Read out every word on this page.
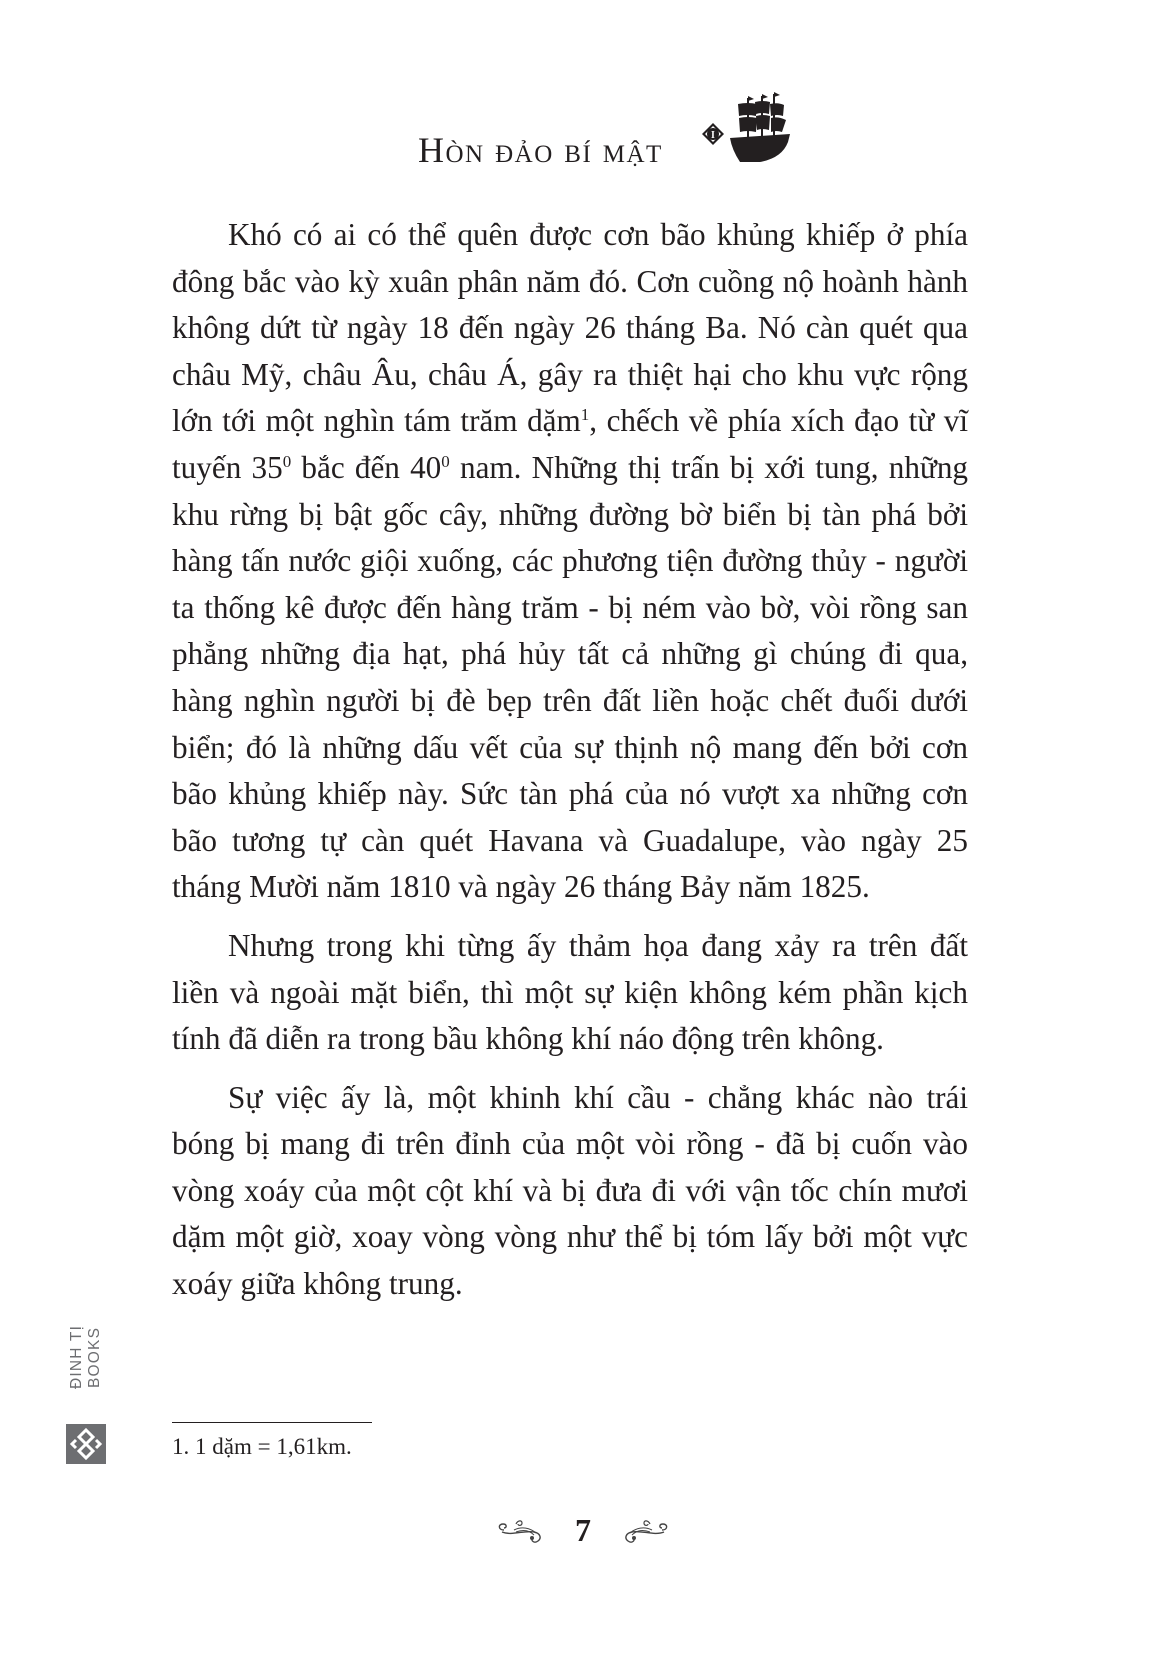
Hòn đảo bí mật	I

Khó có ai có thể quên được cơn bão khủng khiếp ở phía đông bắc vào kỳ xuân phân năm đó. Cơn cuồng nộ hoành hành không dứt từ ngày 18 đến ngày 26 tháng Ba. Nó càn quét qua châu Mỹ, châu Âu, châu Á, gây ra thiệt hại cho khu vực rộng lớn tới một nghìn tám trăm dặm$^1$, chếch về phía xích đạo từ vĩ tuyến $35^0$ bắc đến $40^0$ nam. Những thị trấn bị xới tung, những khu rừng bị bật gốc cây, những đường bờ biển bị tàn phá bởi hàng tấn nước giội xuống, các phương tiện đường thủy - người ta thống kê được đến hàng trăm - bị ném vào bờ, vòi rồng san phẳng những địa hạt, phá hủy tất cả những gì chúng đi qua, hàng nghìn người bị đè bẹp trên đất liền hoặc chết đuối dưới biển; đó là những dấu vết của sự thịnh nộ mang đến bởi cơn bão khủng khiếp này. Sức tàn phá của nó vượt xa những cơn bão tương tự càn quét Havana và Guadalupe, vào ngày 25 tháng Mười năm 1810 và ngày 26 tháng Bảy năm 1825.

Nhưng trong khi từng ấy thảm họa đang xảy ra trên đất liền và ngoài mặt biển, thì một sự kiện không kém phần kịch tính đã diễn ra trong bầu không khí náo động trên không.

Sự việc ấy là, một khinh khí cầu - chẳng khác nào trái bóng bị mang đi trên đỉnh của một vòi rồng - đã bị cuốn vào vòng xoáy của một cột khí và bị đưa đi với vận tốc chín mươi dặm một giờ, xoay vòng vòng như thể bị tóm lấy bởi một vực xoáy giữa không trung.

1. 1 dặm = 1,61km.
7
ĐINH TỊ BOOKS
